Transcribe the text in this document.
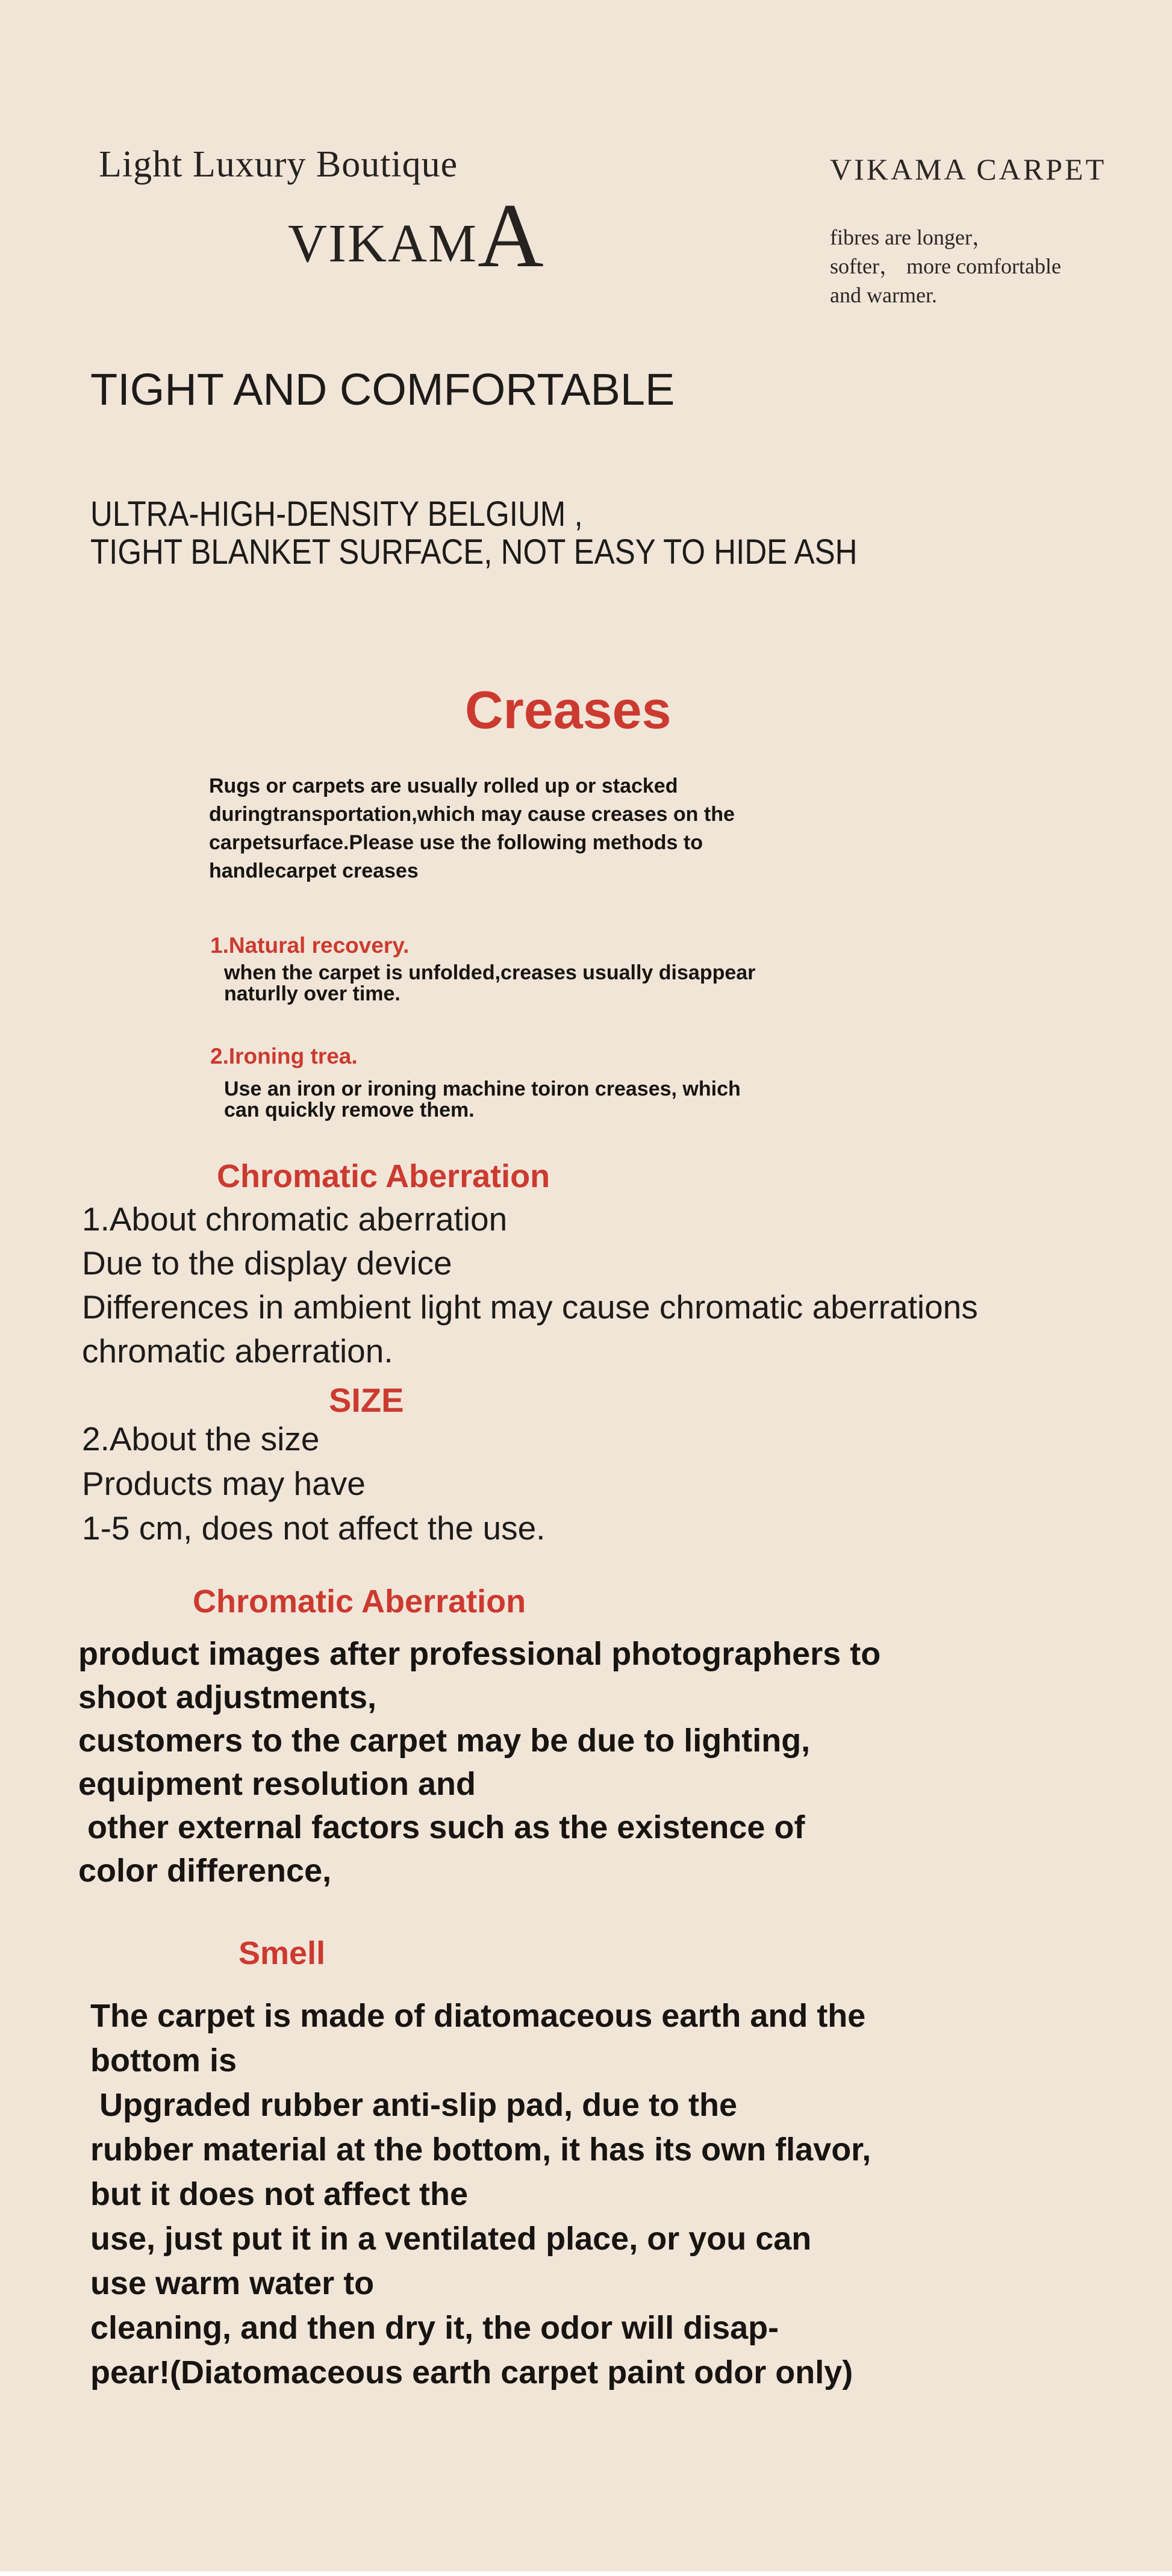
Light Luxury Boutique
VIKAM A
VIKAMA CARPET
fibres are longer，
softer， more comfortable
and warmer.
TIGHT AND COMFORTABLE
ULTRA-HIGH-DENSITY BELGIUM ,
TIGHT BLANKET SURFACE, NOT EASY TO HIDE ASH
Creases
Rugs or carpets are usually rolled up or stacked
duringtransportation,which may cause creases on the
carpetsurface.Please use the following methods to
handlecarpet creases
1.Natural recovery.
when the carpet is unfolded,creases usually disappear
naturlly over time.
2.Ironing trea.
Use an iron or ironing machine toiron creases, which
can quickly remove them.
Chromatic Aberration
1.About chromatic aberration
Due to the display device
Differences in ambient light may cause chromatic aberrations
chromatic aberration.
SIZE
2.About the size
Products may have
1-5 cm, does not affect the use.
Chromatic Aberration
product images after professional photographers to
shoot adjustments,
customers to the carpet may be due to lighting,
equipment resolution and
other external factors such as the existence of
color difference,
Smell
The carpet is made of diatomaceous earth and the
bottom is
Upgraded rubber anti-slip pad, due to the
rubber material at the bottom, it has its own flavor,
but it does not affect the
use, just put it in a ventilated place, or you can
use warm water to
cleaning, and then dry it, the odor will disap-
pear!(Diatomaceous earth carpet paint odor only)
